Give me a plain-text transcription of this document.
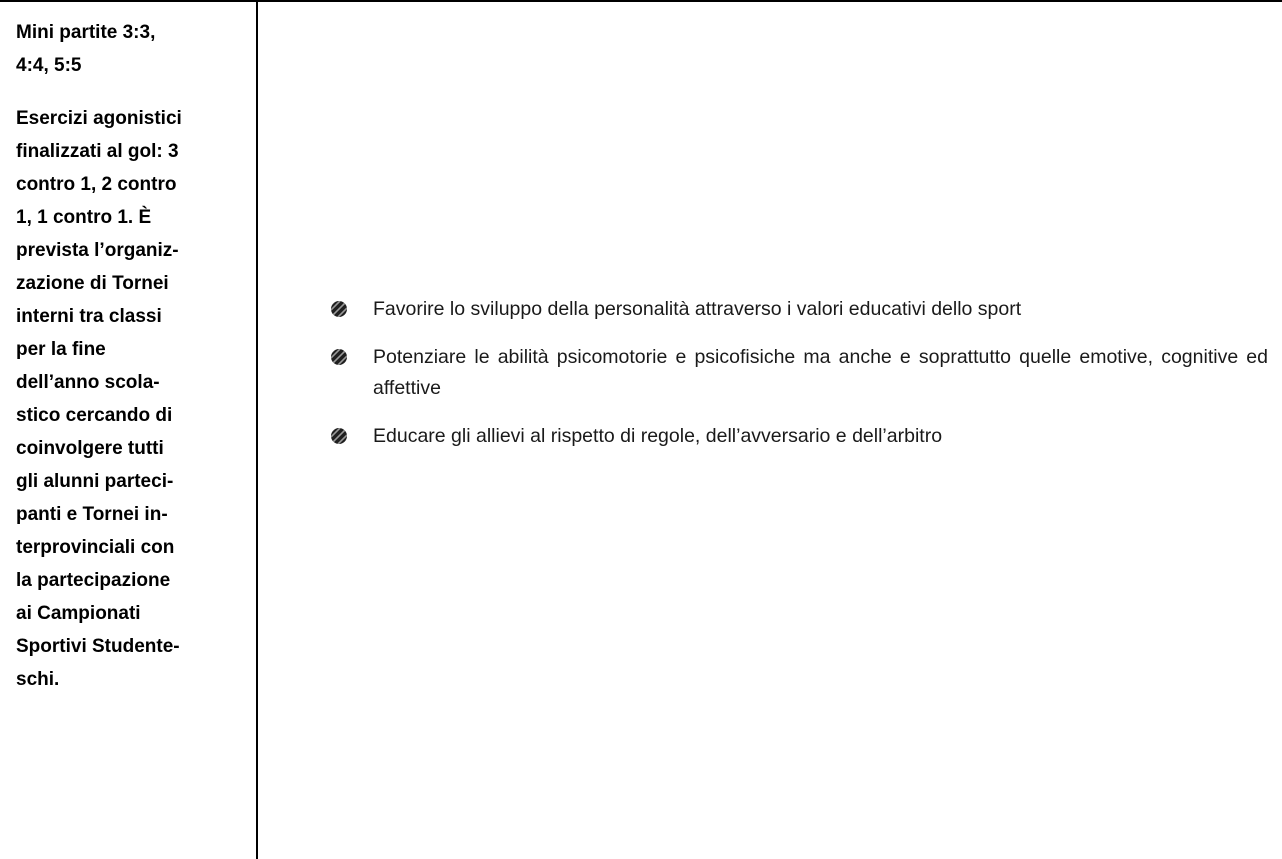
Mini partite 3:3,
4:4, 5:5

Esercizi agonistici
finalizzati al gol: 3
contro 1, 2 contro
1, 1 contro 1. È
prevista l’organiz-
zazione di Tornei
interni tra classi
per la fine
dell’anno scola-
stico cercando di
coinvolgere tutti
gli alunni parteci-
panti e Tornei in-
terprovinciali con
la partecipazione
ai Campionati
Sportivi Studente-
schi.

Favorire lo sviluppo della personalità attraverso i valori educativi dello sport
Potenziare le abilità psicomotorie e psicofisiche ma anche e soprattutto quelle emotive, cognitive ed affettive
Educare gli allievi al rispetto di regole, dell’avversario e dell’arbitro
